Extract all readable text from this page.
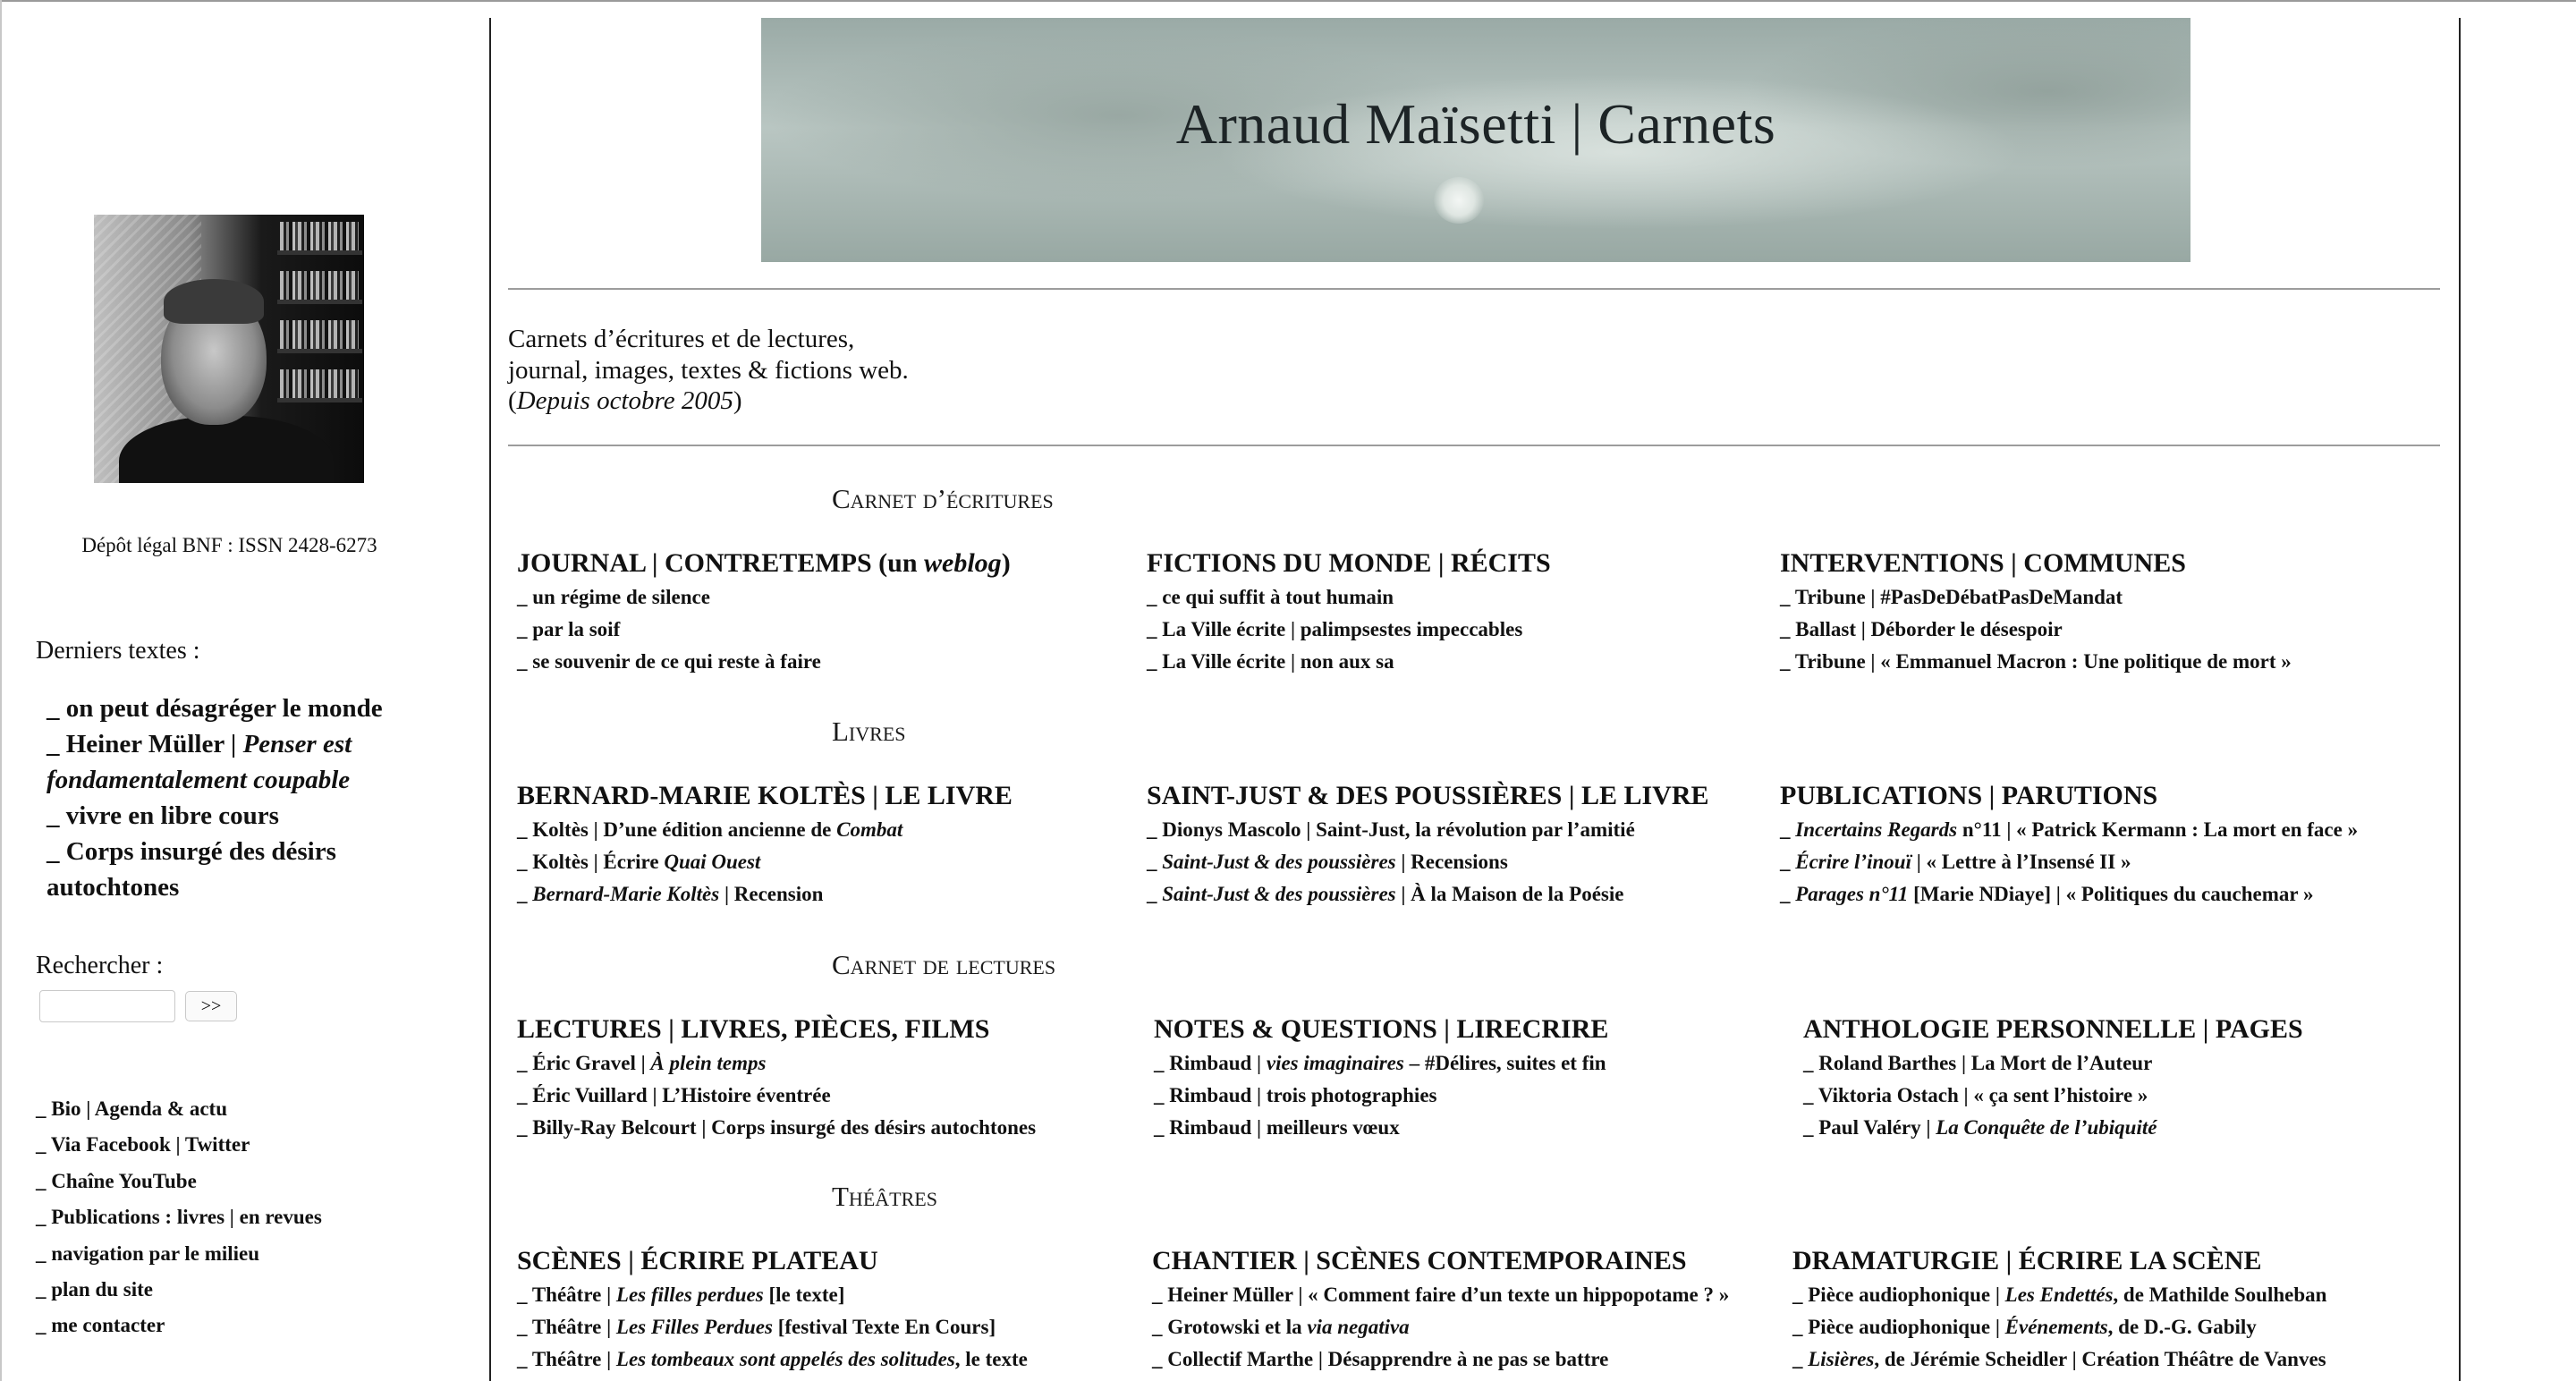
Dépôt légal BNF : ISSN 2428-6273
Derniers textes :
_ on peut désagréger le monde
_ Heiner Müller | Penser est fondamentalement coupable
_ vivre en libre cours
_ Corps insurgé des désirs autochtones
Rechercher :
>>
_ Bio | Agenda & actu
_ Via Facebook | Twitter
_ Chaîne YouTube
_ Publications : livres | en revues
_ navigation par le milieu
_ plan du site
_ me contacter
Arnaud Maïsetti | Carnets
Carnets d’écritures et de lectures,
journal, images, textes & fictions web.
(Depuis octobre 2005)
Carnet d’écritures
JOURNAL | CONTRETEMPS (un weblog)
_ un régime de silence
_ par la soif
_ se souvenir de ce qui reste à faire
FICTIONS DU MONDE | RÉCITS
_ ce qui suffit à tout humain
_ La Ville écrite | palimpsestes impeccables
_ La Ville écrite | non aux sa
INTERVENTIONS | COMMUNES
_ Tribune | #PasDeDébatPasDeMandat
_ Ballast | Déborder le désespoir
_ Tribune | « Emmanuel Macron : Une politique de mort »
Livres
BERNARD-MARIE KOLTÈS | LE LIVRE
_ Koltès | D’une édition ancienne de Combat
_ Koltès | Écrire Quai Ouest
_ Bernard-Marie Koltès | Recension
SAINT-JUST & DES POUSSIÈRES | LE LIVRE
_ Dionys Mascolo | Saint-Just, la révolution par l’amitié
_ Saint-Just & des poussières | Recensions
_ Saint-Just & des poussières | À la Maison de la Poésie
PUBLICATIONS | PARUTIONS
_ Incertains Regards n°11 | « Patrick Kermann : La mort en face »
_ Écrire l’inouï | « Lettre à l’Insensé II »
_ Parages n°11 [Marie NDiaye] | « Politiques du cauchemar »
Carnet de lectures
LECTURES | LIVRES, PIÈCES, FILMS
_ Éric Gravel | À plein temps
_ Éric Vuillard | L’Histoire éventrée
_ Billy-Ray Belcourt | Corps insurgé des désirs autochtones
NOTES & QUESTIONS | LIRECRIRE
_ Rimbaud | vies imaginaires – #Délires, suites et fin
_ Rimbaud | trois photographies
_ Rimbaud | meilleurs vœux
ANTHOLOGIE PERSONNELLE | PAGES
_ Roland Barthes | La Mort de l’Auteur
_ Viktoria Ostach | « ça sent l’histoire »
_ Paul Valéry | La Conquête de l’ubiquité
Théâtres
SCÈNES | ÉCRIRE PLATEAU
_ Théâtre | Les filles perdues [le texte]
_ Théâtre | Les Filles Perdues [festival Texte En Cours]
_ Théâtre | Les tombeaux sont appelés des solitudes, le texte
CHANTIER | SCÈNES CONTEMPORAINES
_ Heiner Müller | « Comment faire d’un texte un hippopotame ? »
_ Grotowski et la via negativa
_ Collectif Marthe | Désapprendre à ne pas se battre
DRAMATURGIE | ÉCRIRE LA SCÈNE
_ Pièce audiophonique | Les Endettés, de Mathilde Soulheban
_ Pièce audiophonique | Événements, de D.-G. Gabily
_ Lisières, de Jérémie Scheidler | Création Théâtre de Vanves
